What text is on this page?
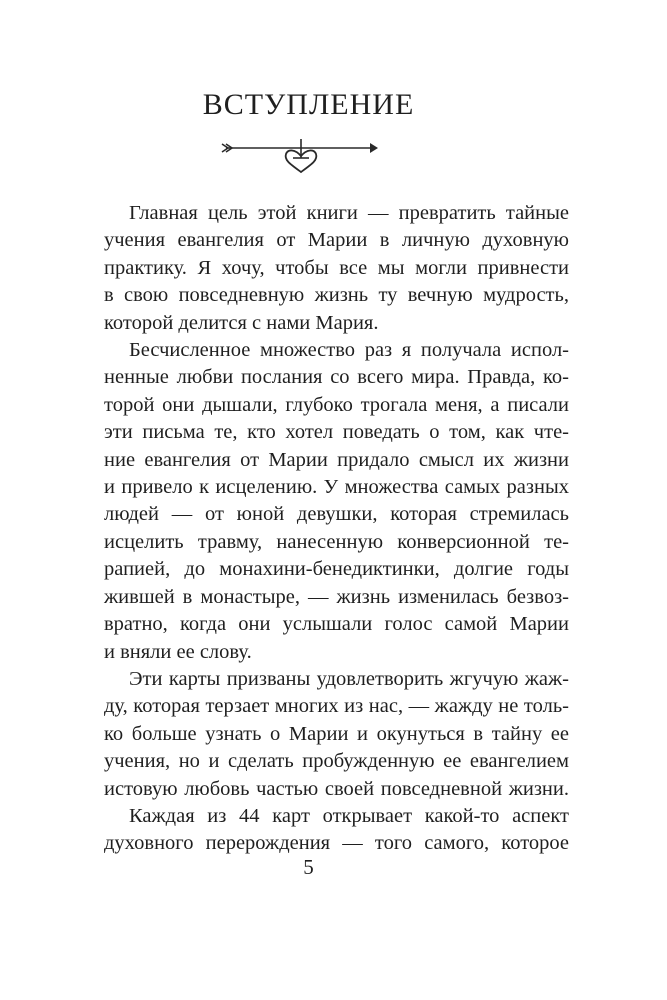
ВСТУПЛЕНИЕ

Главная цель этой книги — превратить тайные
учения евангелия от Марии в личную духовную
практику. Я хочу, чтобы все мы могли привнести
в свою повседневную жизнь ту вечную мудрость,
которой делится с нами Мария.

Бесчисленное множество раз я получала испол-
ненные любви послания со всего мира. Правда, ко-
торой они дышали, глубоко трогала меня, а писали
эти письма те, кто хотел поведать о том, как чте-
ние евангелия от Марии придало смысл их жизни
и привело к исцелению. У множества самых разных
людей — от юной девушки, которая стремилась
исцелить травму, нанесенную конверсионной те-
рапией, до монахини-бенедиктинки, долгие годы
жившей в монастыре, — жизнь изменилась безвоз-
вратно, когда они услышали голос самой Марии
и вняли ее слову.

Эти карты призваны удовлетворить жгучую жаж-
ду, которая терзает многих из нас, — жажду не толь-
ко больше узнать о Марии и окунуться в тайну ее
учения, но и сделать пробужденную ее евангелием
истовую любовь частью своей повседневной жизни.

Каждая из 44 карт открывает какой-то аспект
духовного перерождения — того самого, которое

5
